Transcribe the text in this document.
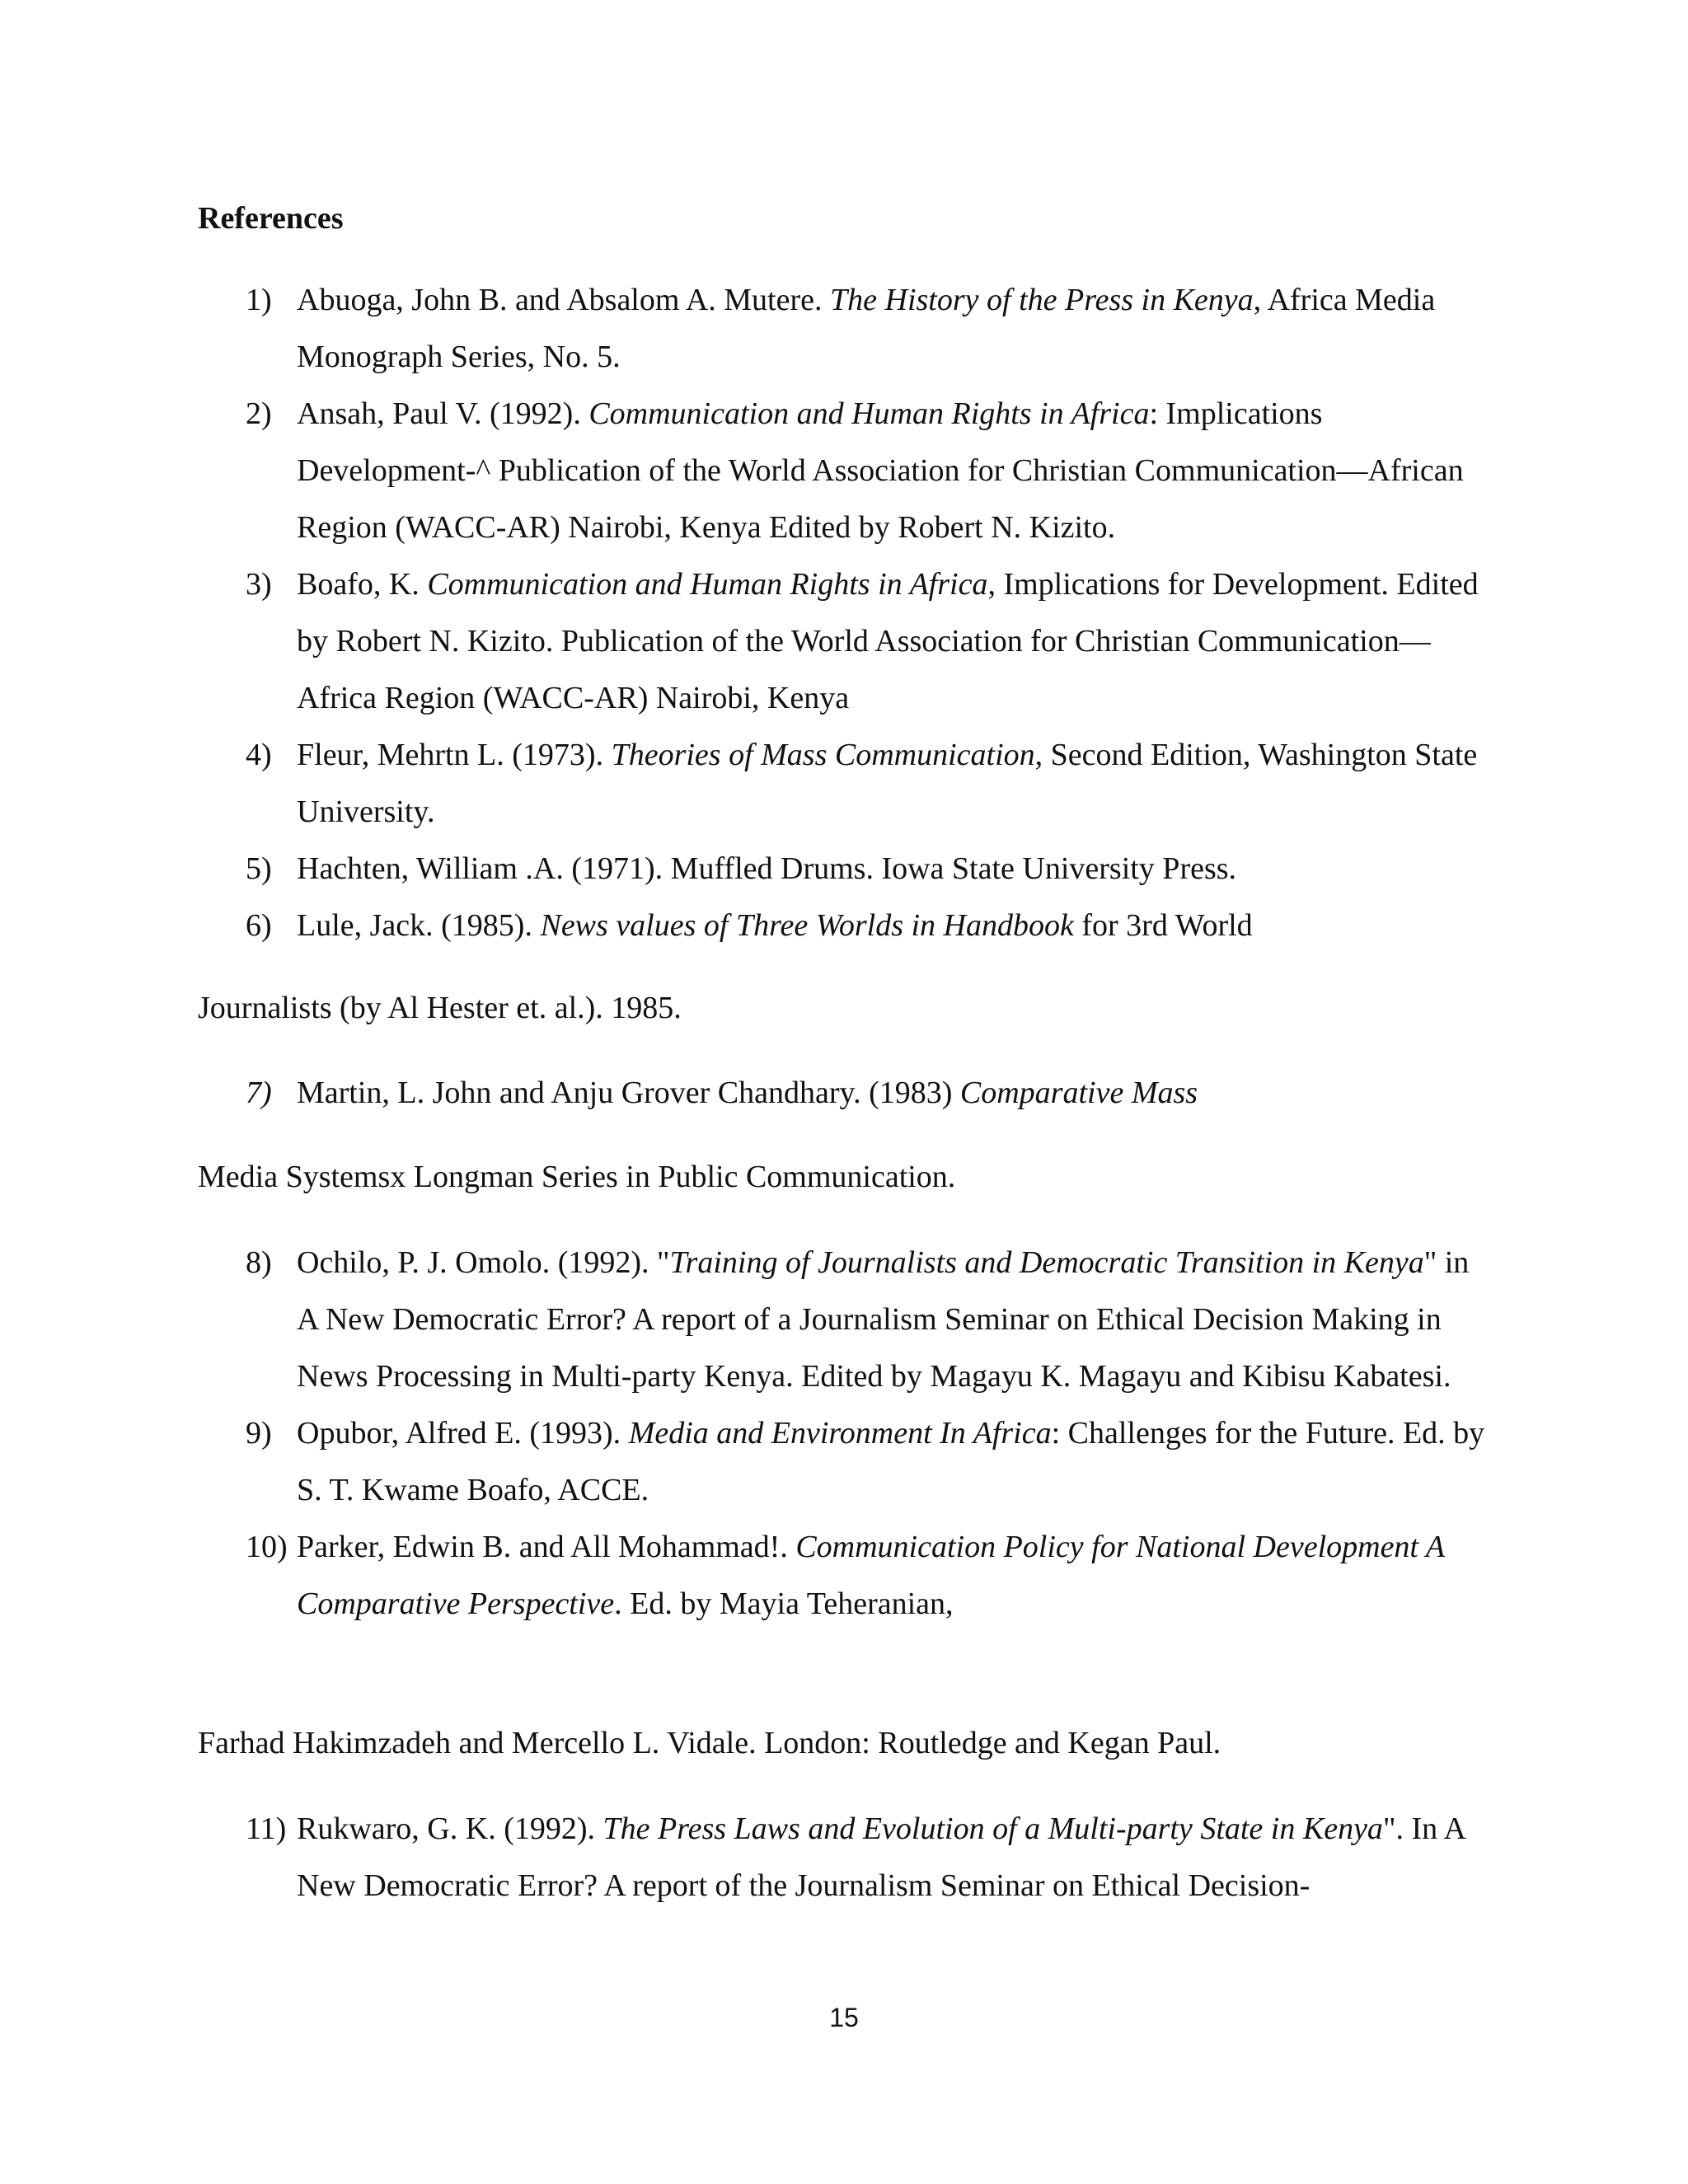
References
1) Abuoga, John B. and Absalom A. Mutere. The History of the Press in Kenya, Africa Media Monograph Series, No. 5.
2) Ansah, Paul V. (1992). Communication and Human Rights in Africa: Implications Development-^ Publication of the World Association for Christian Communication—African Region (WACC-AR) Nairobi, Kenya Edited by Robert N. Kizito.
3) Boafo, K. Communication and Human Rights in Africa, Implications for Development. Edited by Robert N. Kizito. Publication of the World Association for Christian Communication—Africa Region (WACC-AR) Nairobi, Kenya
4) Fleur, Mehrtn L. (1973). Theories of Mass Communication, Second Edition, Washington State University.
5) Hachten, William .A. (1971). Muffled Drums. Iowa State University Press.
6) Lule, Jack. (1985). News values of Three Worlds in Handbook for 3rd World
Journalists (by Al Hester et. al.). 1985.
7) Martin, L. John and Anju Grover Chandhary. (1983) Comparative Mass
Media Systemsx Longman Series in Public Communication.
8) Ochilo, P. J. Omolo. (1992). "Training of Journalists and Democratic Transition in Kenya" in A New Democratic Error? A report of a Journalism Seminar on Ethical Decision Making in News Processing in Multi-party Kenya. Edited by Magayu K. Magayu and Kibisu Kabatesi.
9) Opubor, Alfred E. (1993). Media and Environment In Africa: Challenges for the Future. Ed. by S. T. Kwame Boafo, ACCE.
10) Parker, Edwin B. and All Mohammad!. Communication Policy for National Development A Comparative Perspective. Ed. by Mayia Teheranian,
Farhad Hakimzadeh and Mercello L. Vidale. London: Routledge and Kegan Paul.
11) Rukwaro, G. K. (1992). The Press Laws and Evolution of a Multi-party State in Kenya". In A New Democratic Error? A report of the Journalism Seminar on Ethical Decision-
15
